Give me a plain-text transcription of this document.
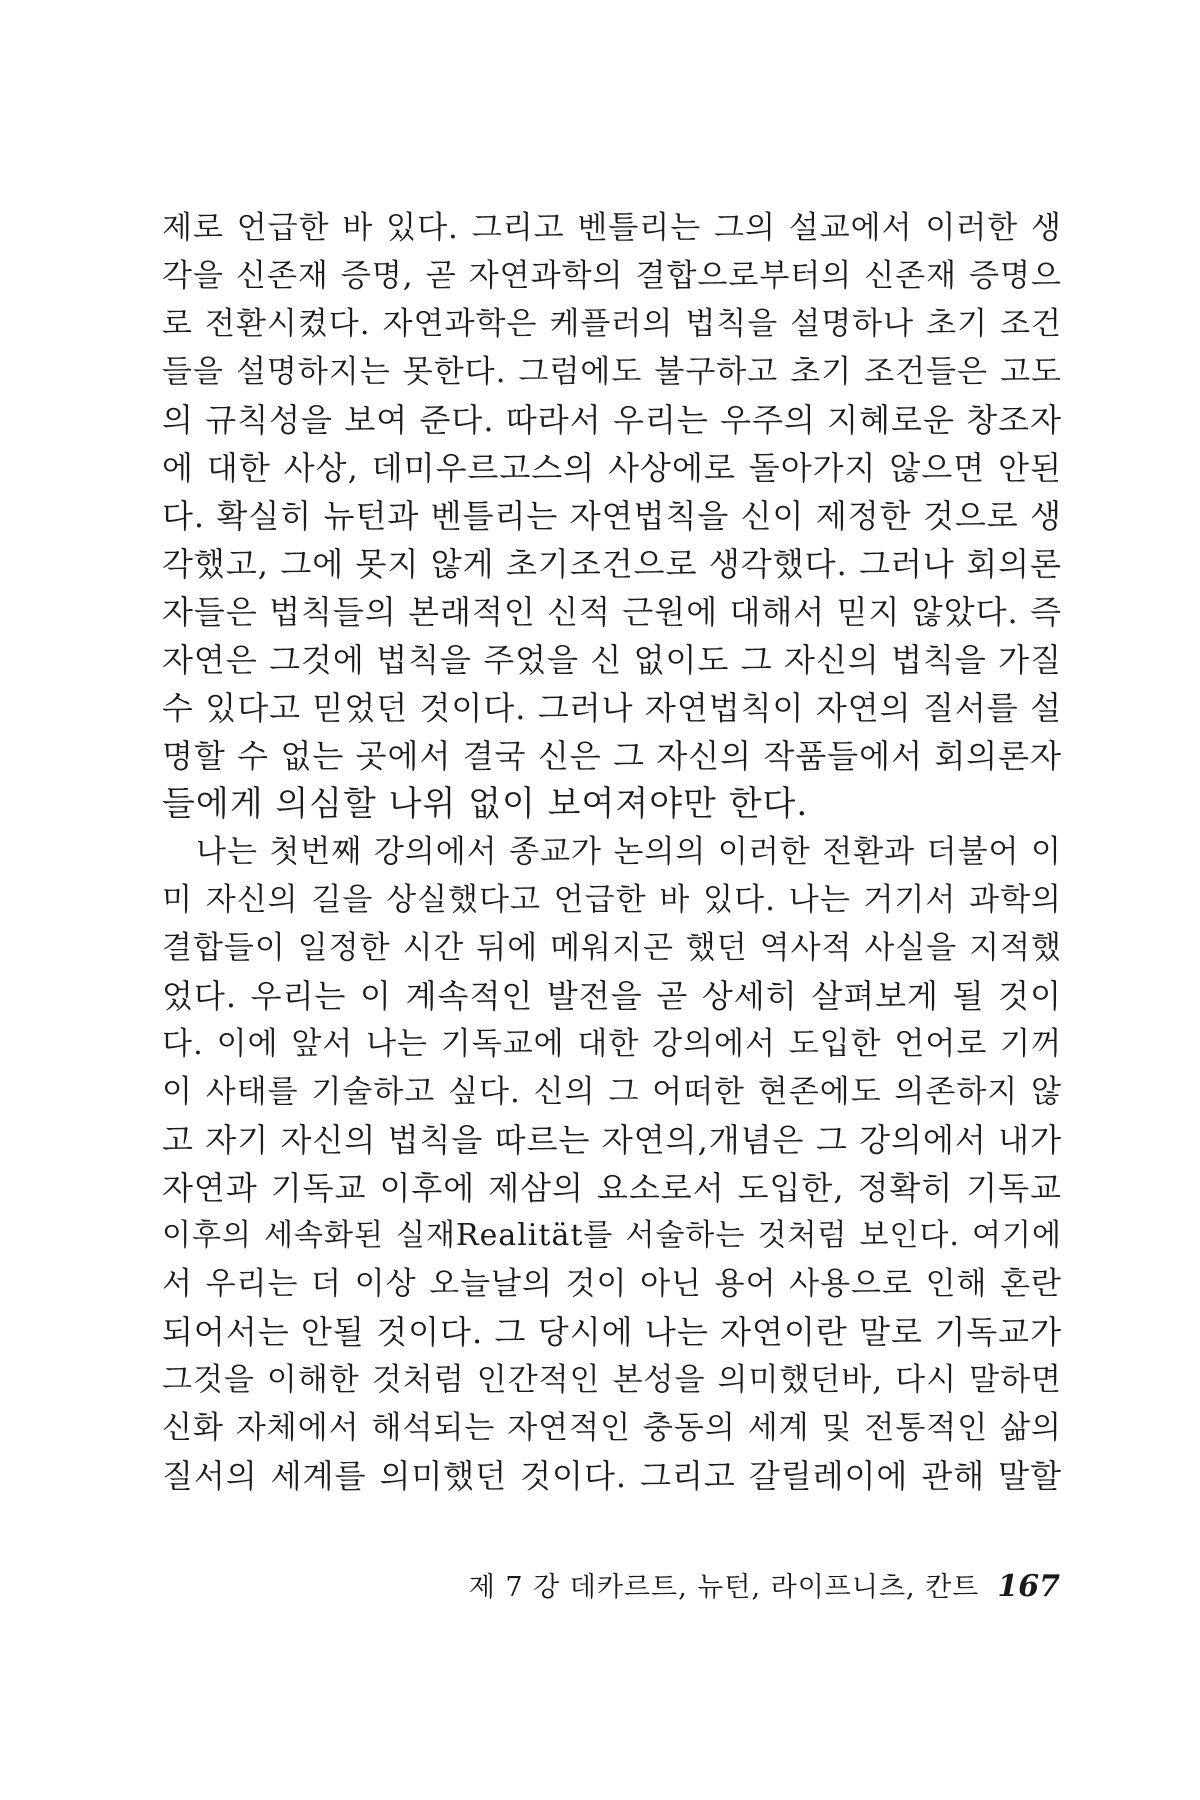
제로 언급한 바 있다. 그리고 벤틀리는 그의 설교에서 이러한 생
각을 신존재 증명, 곧 자연과학의 결합으로부터의 신존재 증명으
로 전환시켰다. 자연과학은 케플러의 법칙을 설명하나 초기 조건
들을 설명하지는 못한다. 그럼에도 불구하고 초기 조건들은 고도
의 규칙성을 보여 준다. 따라서 우리는 우주의 지혜로운 창조자
에 대한 사상, 데미우르고스의 사상에로 돌아가지 않으면 안된
다. 확실히 뉴턴과 벤틀리는 자연법칙을 신이 제정한 것으로 생
각했고, 그에 못지 않게 초기조건으로 생각했다. 그러나 회의론
자들은 법칙들의 본래적인 신적 근원에 대해서 믿지 않았다. 즉
자연은 그것에 법칙을 주었을 신 없이도 그 자신의 법칙을 가질
수 있다고 믿었던 것이다. 그러나 자연법칙이 자연의 질서를 설
명할 수 없는 곳에서 결국 신은 그 자신의 작품들에서 회의론자
들에게 의심할 나위 없이 보여져야만 한다.
나는 첫번째 강의에서 종교가 논의의 이러한 전환과 더불어 이
미 자신의 길을 상실했다고 언급한 바 있다. 나는 거기서 과학의
결합들이 일정한 시간 뒤에 메워지곤 했던 역사적 사실을 지적했
었다. 우리는 이 계속적인 발전을 곧 상세히 살펴보게 될 것이
다. 이에 앞서 나는 기독교에 대한 강의에서 도입한 언어로 기꺼
이 사태를 기술하고 싶다. 신의 그 어떠한 현존에도 의존하지 않
고 자기 자신의 법칙을 따르는 자연의,개념은 그 강의에서 내가
자연과 기독교 이후에 제삼의 요소로서 도입한, 정확히 기독교
이후의 세속화된 실재Realität를 서술하는 것처럼 보인다. 여기에
서 우리는 더 이상 오늘날의 것이 아닌 용어 사용으로 인해 혼란
되어서는 안될 것이다. 그 당시에 나는 자연이란 말로 기독교가
그것을 이해한 것처럼 인간적인 본성을 의미했던바, 다시 말하면
신화 자체에서 해석되는 자연적인 충동의 세계 및 전통적인 삶의
질서의 세계를 의미했던 것이다. 그리고 갈릴레이에 관해 말할
제 7 강 데카르트, 뉴턴, 라이프니츠, 칸트 167
